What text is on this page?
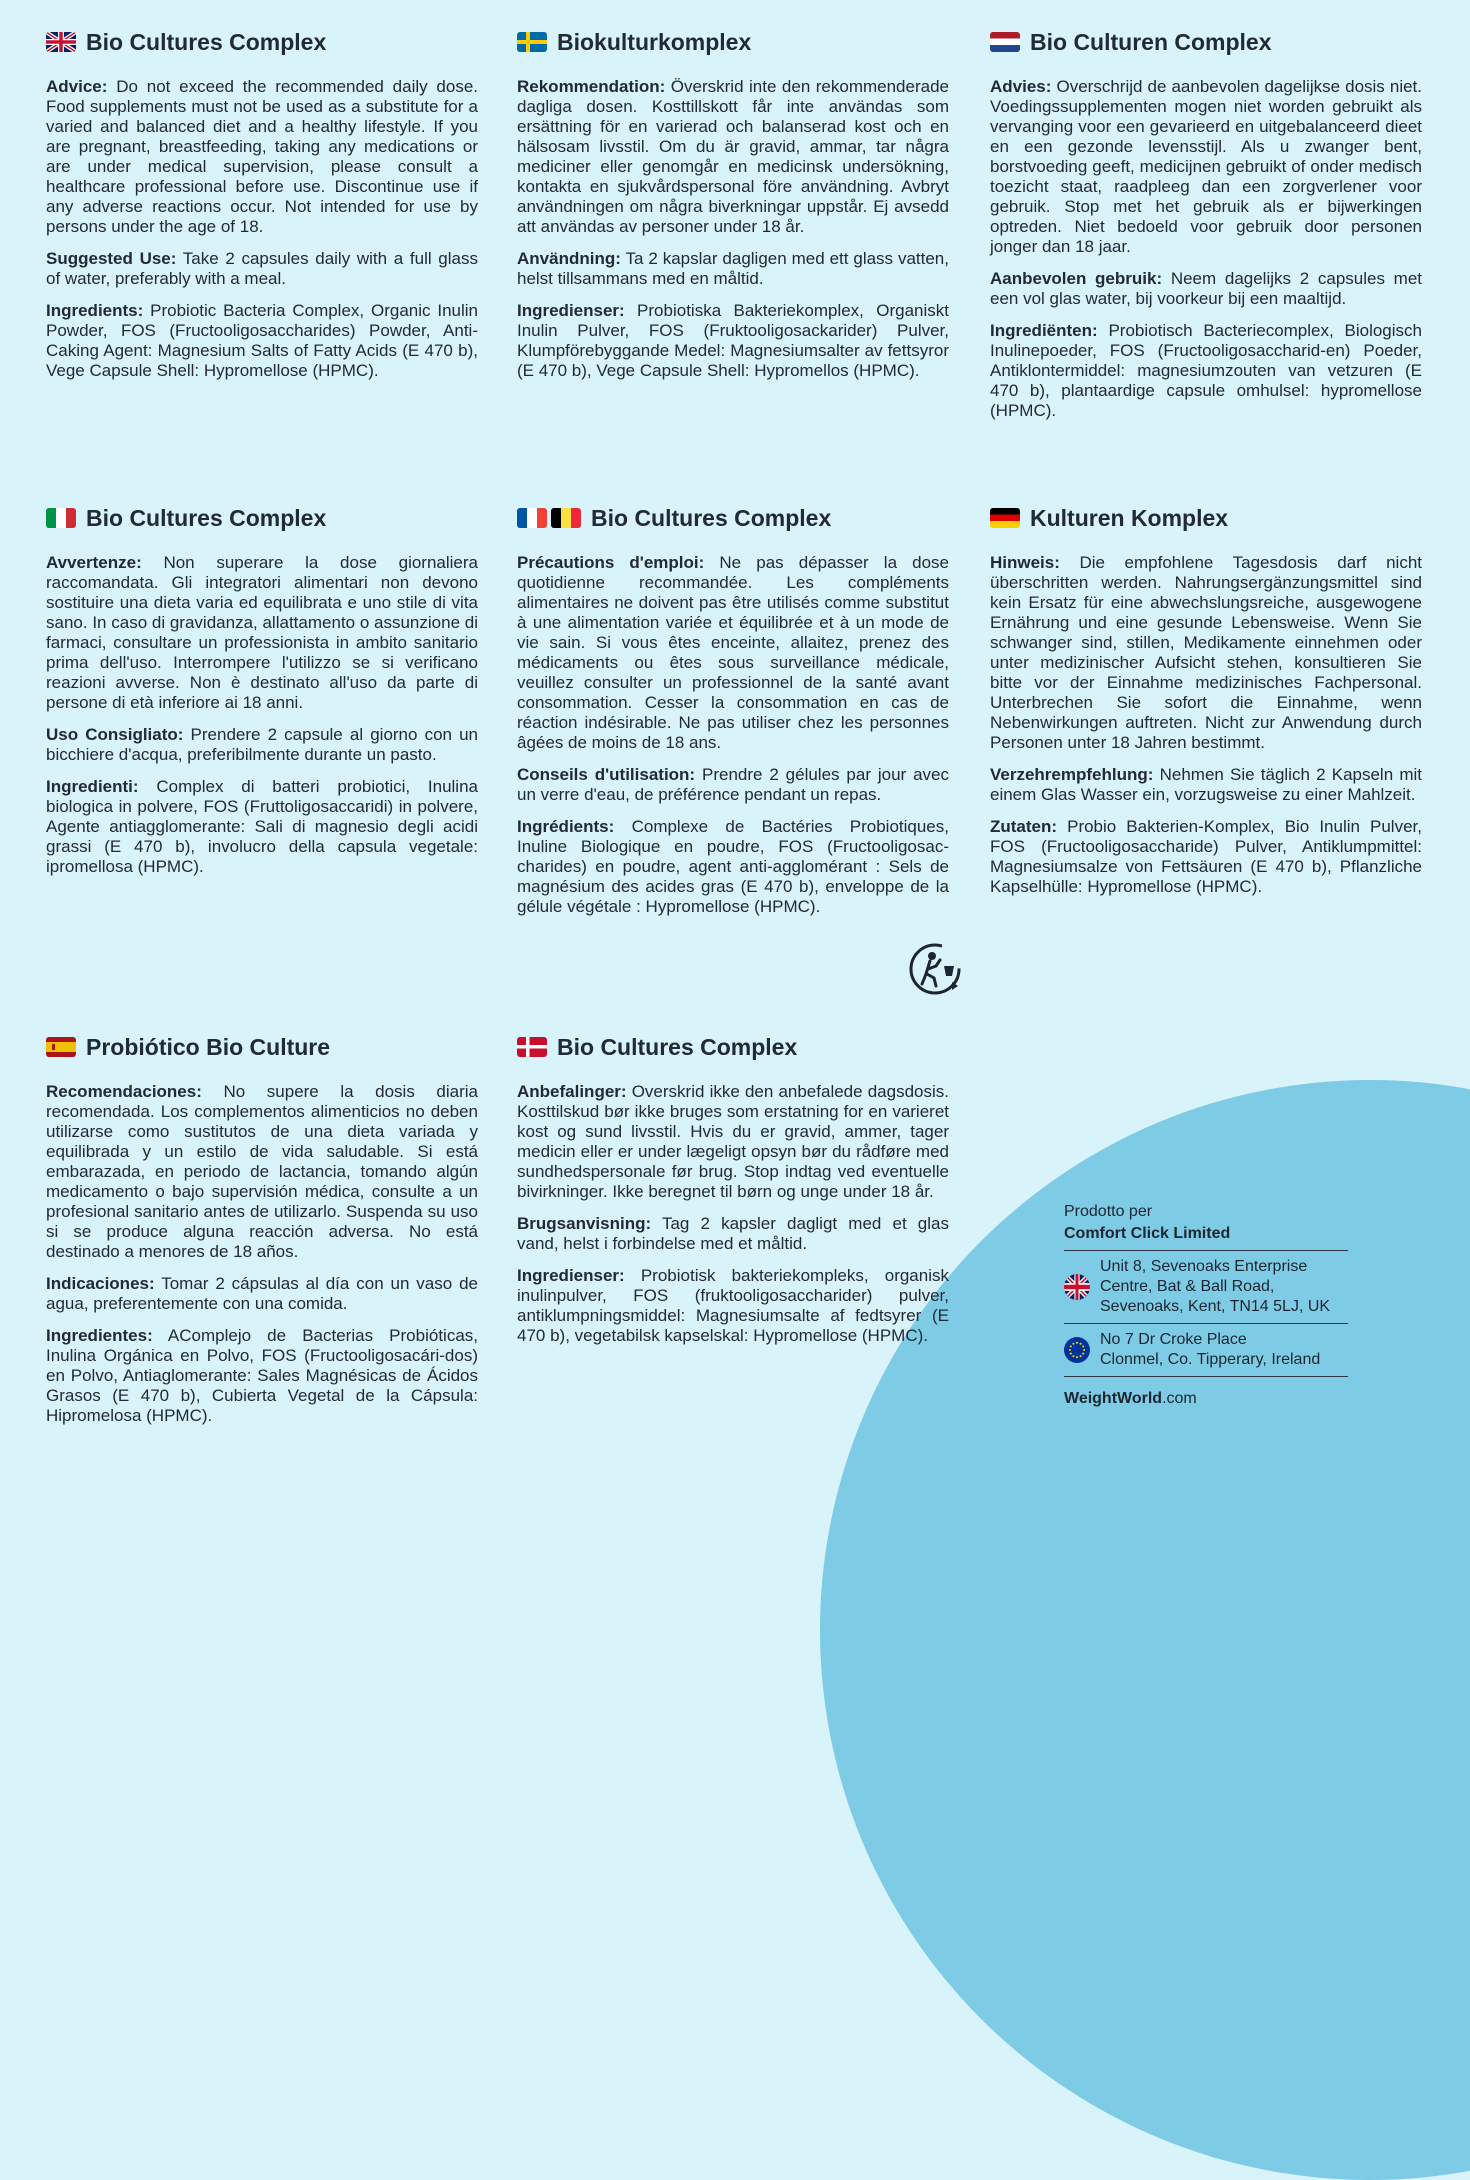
Bio Cultures Complex

Advice: Do not exceed the recommended daily dose. Food supplements must not be used as a substitute for a varied and balanced diet and a healthy lifestyle. If you are pregnant, breastfeeding, taking any medications or are under medical supervision, please consult a healthcare professional before use. Discontinue use if any adverse reactions occur. Not intended for use by persons under the age of 18.

Suggested Use: Take 2 capsules daily with a full glass of water, preferably with a meal.

Ingredients: Probiotic Bacteria Complex, Organic Inulin Powder, FOS (Fructooligosaccharides) Powder, Anti-Caking Agent: Magnesium Salts of Fatty Acids (E 470 b), Vege Capsule Shell: Hypromellose (HPMC).

Biokulturkomplex

Rekommendation: Överskrid inte den rekommenderade dagliga dosen. Kosttillskott får inte användas som ersättning för en varierad och balanserad kost och en hälsosam livsstil. Om du är gravid, ammar, tar några mediciner eller genomgår en medicinsk undersökning, kontakta en sjukvårdspersonal före användning. Avbryt användningen om några biverkningar uppstår. Ej avsedd att användas av personer under 18 år.

Användning: Ta 2 kapslar dagligen med ett glass vatten, helst tillsammans med en måltid.

Ingredienser: Probiotiska Bakteriekomplex, Organiskt Inulin Pulver, FOS (Fruktooligosackarider) Pulver, Klumpförebyggande Medel: Magnesiumsalter av fettsyror (E 470 b), Vege Capsule Shell: Hypromellos (HPMC).

Bio Culturen Complex

Advies: Overschrijd de aanbevolen dagelijkse dosis niet. Voedingssupplementen mogen niet worden gebruikt als vervanging voor een gevarieerd en uitgebalanceerd dieet en een gezonde levensstijl. Als u zwanger bent, borstvoeding geeft, medicijnen gebruikt of onder medisch toezicht staat, raadpleeg dan een zorgverlener voor gebruik. Stop met het gebruik als er bijwerkingen optreden. Niet bedoeld voor gebruik door personen jonger dan 18 jaar.

Aanbevolen gebruik: Neem dagelijks 2 capsules met een vol glas water, bij voorkeur bij een maaltijd.

Ingrediënten: Probiotisch Bacteriecomplex, Biologisch Inulinepoeder, FOS (Fructooligosaccharid-en) Poeder, Antiklontermiddel: magnesiumzouten van vetzuren (E 470 b), plantaardige capsule omhulsel: hypromellose (HPMC).

Bio Cultures Complex

Avvertenze: Non superare la dose giornaliera raccomandata. Gli integratori alimentari non devono sostituire una dieta varia ed equilibrata e uno stile di vita sano. In caso di gravidanza, allattamento o assunzione di farmaci, consultare un professionista in ambito sanitario prima dell'uso. Interrompere l'utilizzo se si verificano reazioni avverse. Non è destinato all'uso da parte di persone di età inferiore ai 18 anni.

Uso Consigliato: Prendere 2 capsule al giorno con un bicchiere d'acqua, preferibilmente durante un pasto.

Ingredienti: Complex di batteri probiotici, Inulina biologica in polvere, FOS (Fruttoligosaccaridi) in polvere, Agente antiagglomerante: Sali di magnesio degli acidi grassi (E 470 b), involucro della capsula vegetale: ipromellosa (HPMC).

Bio Cultures Complex

Précautions d'emploi: Ne pas dépasser la dose quotidienne recommandée. Les compléments alimentaires ne doivent pas être utilisés comme substitut à une alimentation variée et équilibrée et à un mode de vie sain. Si vous êtes enceinte, allaitez, prenez des médicaments ou êtes sous surveillance médicale, veuillez consulter un professionnel de la santé avant consommation. Cesser la consommation en cas de réaction indésirable. Ne pas utiliser chez les personnes âgées de moins de 18 ans.

Conseils d'utilisation: Prendre 2 gélules par jour avec un verre d'eau, de préférence pendant un repas.

Ingrédients: Complexe de Bactéries Probiotiques, Inuline Biologique en poudre, FOS (Fructooligosac-charides) en poudre, agent anti-agglomérant : Sels de magnésium des acides gras (E 470 b), enveloppe de la gélule végétale : Hypromellose (HPMC).

Kulturen Komplex

Hinweis: Die empfohlene Tagesdosis darf nicht überschritten werden. Nahrungsergänzungsmittel sind kein Ersatz für eine abwechslungsreiche, ausgewogene Ernährung und eine gesunde Lebensweise. Wenn Sie schwanger sind, stillen, Medikamente einnehmen oder unter medizinischer Aufsicht stehen, konsultieren Sie bitte vor der Einnahme medizinisches Fachpersonal. Unterbrechen Sie sofort die Einnahme, wenn Nebenwirkungen auftreten. Nicht zur Anwendung durch Personen unter 18 Jahren bestimmt.

Verzehrempfehlung: Nehmen Sie täglich 2 Kapseln mit einem Glas Wasser ein, vorzugsweise zu einer Mahlzeit.

Zutaten: Probio Bakterien-Komplex, Bio Inulin Pulver, FOS (Fructooligosaccharide) Pulver, Antiklumpmittel: Magnesiumsalze von Fettsäuren (E 470 b), Pflanzliche Kapselhülle: Hypromellose (HPMC).

Probiótico Bio Culture

Recomendaciones: No supere la dosis diaria recomendada. Los complementos alimenticios no deben utilizarse como sustitutos de una dieta variada y equilibrada y un estilo de vida saludable. Si está embarazada, en periodo de lactancia, tomando algún medicamento o bajo supervisión médica, consulte a un profesional sanitario antes de utilizarlo. Suspenda su uso si se produce alguna reacción adversa. No está destinado a menores de 18 años.

Indicaciones: Tomar 2 cápsulas al día con un vaso de agua, preferentemente con una comida.

Ingredientes: AComplejo de Bacterias Probióticas, Inulina Orgánica en Polvo, FOS (Fructooligosacári-dos) en Polvo, Antiaglomerante: Sales Magnésicas de Ácidos Grasos (E 470 b), Cubierta Vegetal de la Cápsula: Hipromelosa (HPMC).

Bio Cultures Complex

Anbefalinger: Overskrid ikke den anbefalede dagsdosis. Kosttilskud bør ikke bruges som erstatning for en varieret kost og sund livsstil. Hvis du er gravid, ammer, tager medicin eller er under lægeligt opsyn bør du rådføre med sundhedspersonale før brug. Stop indtag ved eventuelle bivirkninger. Ikke beregnet til børn og unge under 18 år.

Brugsanvisning: Tag 2 kapsler dagligt med et glas vand, helst i forbindelse med et måltid.

Ingredienser: Probiotisk bakteriekompleks, organisk inulinpulver, FOS (fruktooligosaccharider) pulver, antiklumpningsmiddel: Magnesiumsalte af fedtsyrer (E 470 b), vegetabilsk kapselskal: Hypromellose (HPMC).

Prodotto per

Comfort Click Limited

Unit 8, Sevenoaks Enterprise
Centre, Bat & Ball Road,
Sevenoaks, Kent, TN14 5LJ, UK
No 7 Dr Croke Place
Clonmel, Co. Tipperary, Ireland
WeightWorld.com
